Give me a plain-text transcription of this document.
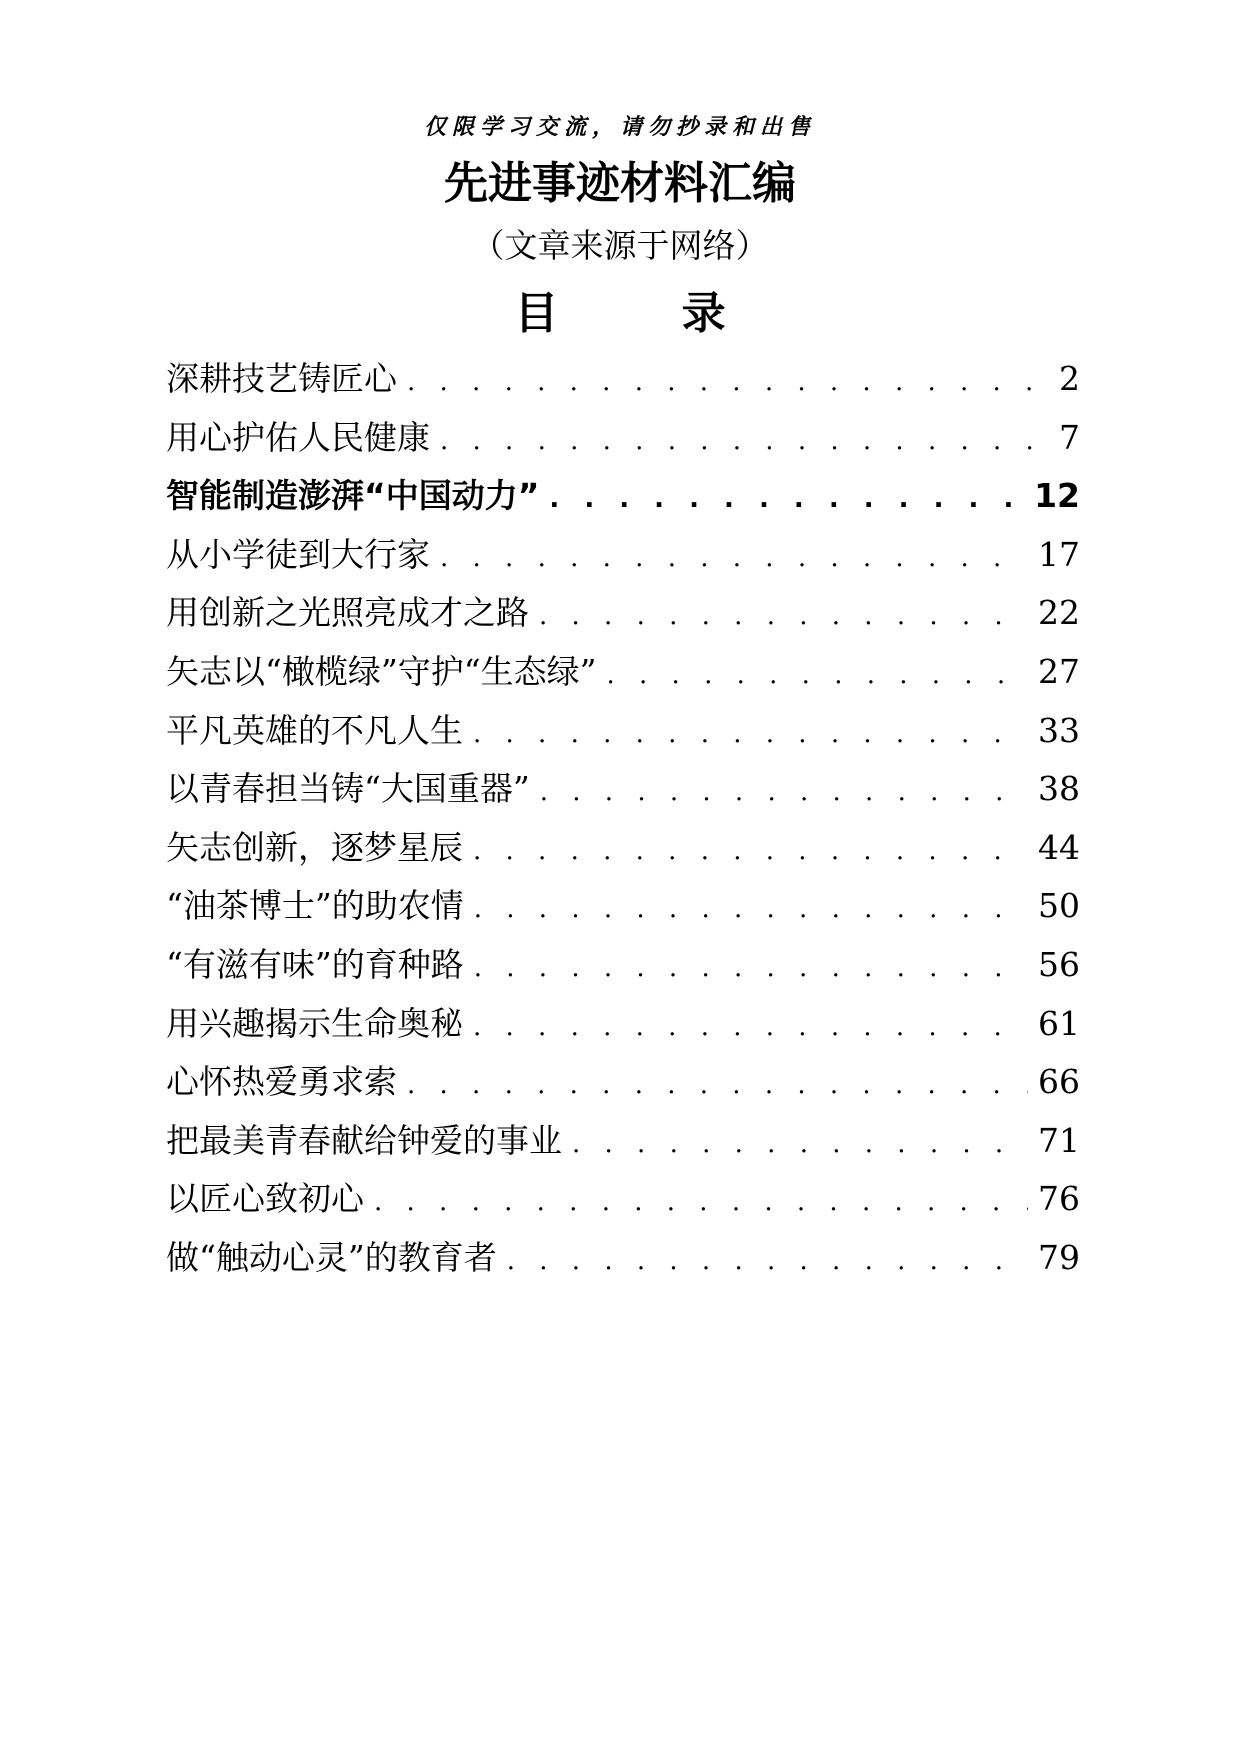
仅限学习交流，请勿抄录和出售
先进事迹材料汇编
（文章来源于网络）
目 录
深耕技艺铸匠心 . . .	2
用心护佑人民健康 . . .	7
智能制造澎湃“中国动力” . . .	12
从小学徒到大行家 . . .	17
用创新之光照亮成才之路 . . .	22
矢志以“橄榄绿”守护“生态绿” . . .	27
平凡英雄的不凡人生 . . .	33
以青春担当铸“大国重器” . . .	38
矢志创新，逐梦星辰 . . .	44
“油茶博士”的助农情 . . .	50
“有滋有味”的育种路 . . .	56
用兴趣揭示生命奥秘 . . .	61
心怀热爱勇求索 . . .	66
把最美青春献给钟爱的事业 . . .	71
以匠心致初心 . . .	76
做“触动心灵”的教育者 . . .	79
